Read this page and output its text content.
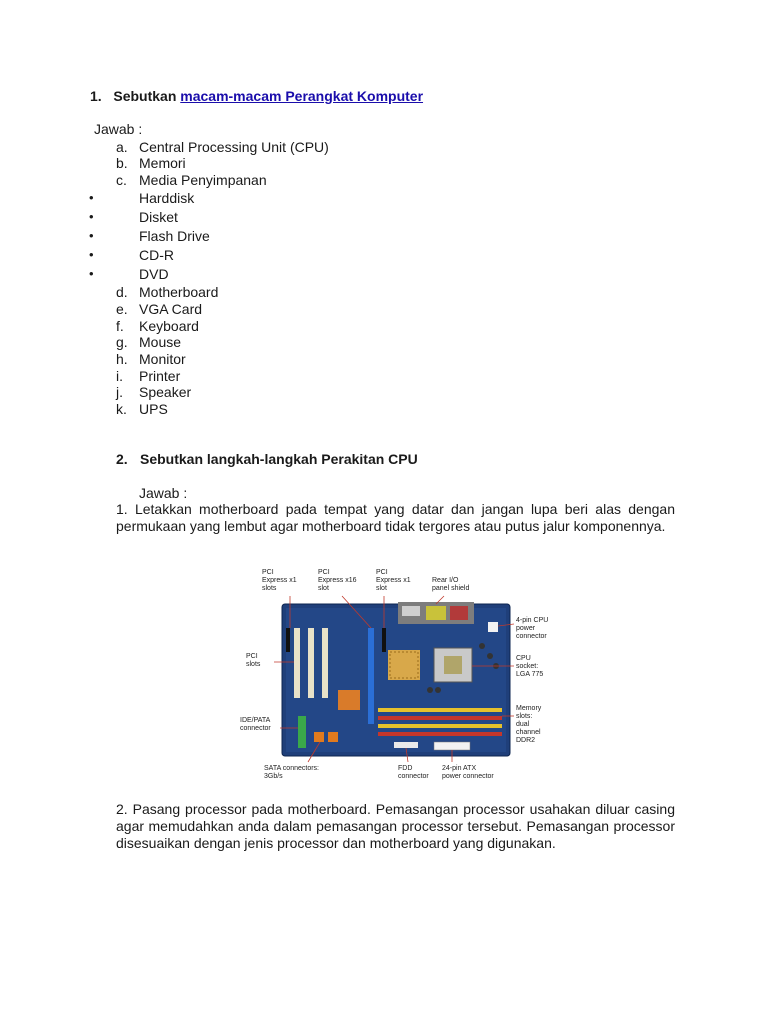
1. Sebutkan macam-macam Perangkat Komputer
Jawab :
a. Central Processing Unit (CPU)
b. Memori
c. Media Penyimpanan
•	Harddisk
•	Disket
•	Flash Drive
•	CD-R
•	DVD
d. Motherboard
e. VGA Card
f. Keyboard
g. Mouse
h. Monitor
i. Printer
j. Speaker
k. UPS
2. Sebutkan langkah-langkah Perakitan CPU
Jawab :
1. Letakkan motherboard pada tempat yang datar dan jangan lupa beri alas dengan permukaan yang lembut agar motherboard tidak tergores atau putus jalur komponennya.
PCI Express x1 slots
PCI Express x16 slot
PCI Express x1 slot
Rear I/O panel shield
4-pin CPU power connector
PCI slots
CPU socket: LGA 775
IDE/PATA connector
Memory slots: dual channel DDR2
SATA connectors: 3Gb/s
FDD connector
24-pin ATX power connector
2. Pasang processor pada motherboard. Pemasangan processor usahakan diluar casing agar memudahkan anda dalam pemasangan processor tersebut. Pemasangan processor disesuaikan dengan jenis processor dan motherboard yang digunakan.
